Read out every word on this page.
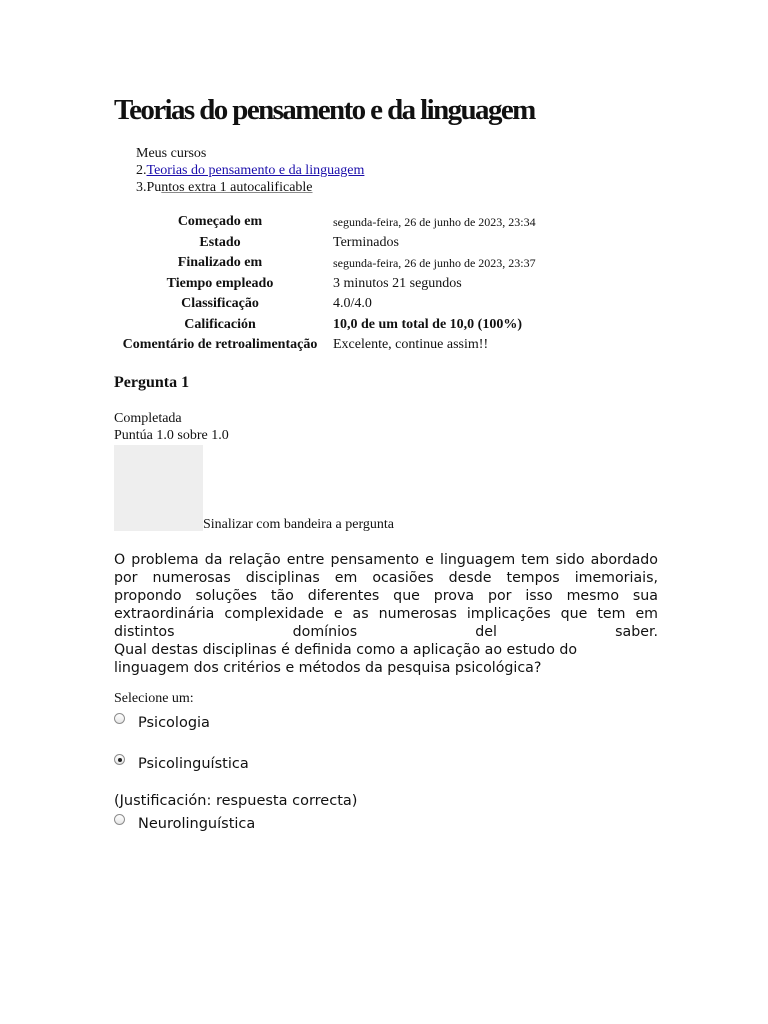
Teorias do pensamento e da linguagem
Meus cursos
2.Teorias do pensamento e da linguagem
3.Puntos extra 1 autocalificable
Começado em	segunda-feira, 26 de junho de 2023, 23:34
Estado	Terminados
Finalizado em	segunda-feira, 26 de junho de 2023, 23:37
Tiempo empleado	3 minutos 21 segundos
Classificação	4.0/4.0
Calificación	10,0 de um total de 10,0 (100%)
Comentário de retroalimentação	Excelente, continue assim!!
Pergunta 1
Completada
Puntúa 1.0 sobre 1.0
Sinalizar com bandeira a pergunta

O problema da relação entre pensamento e linguagem tem sido abordado

por numerosas disciplinas em ocasiões desde tempos imemoriais,

propondo soluções tão diferentes que prova por isso mesmo sua

extraordinária complexidade e as numerosas implicações que tem em

distintos domínios del saber.

Qual destas disciplinas é definida como a aplicação ao estudo do

linguagem dos critérios e métodos da pesquisa psicológica?

Selecione um:
Psicologia
Psicolinguística
(Justificación: respuesta correcta)
Neurolinguística
